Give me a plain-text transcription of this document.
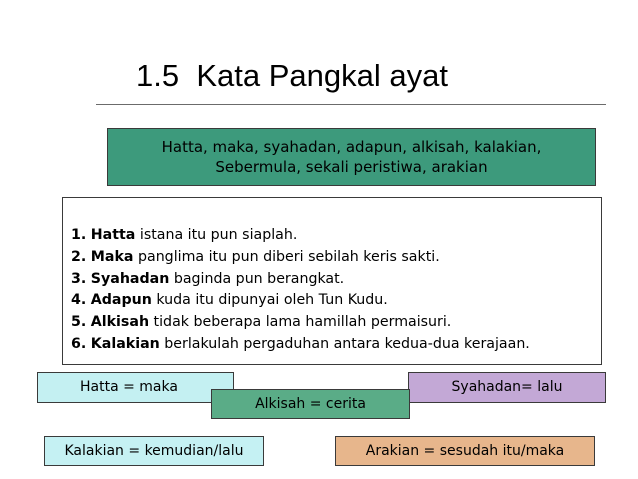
1.5  Kata Pangkal ayat
Hatta, maka, syahadan, adapun, alkisah, kalakian,
Sebermula, sekali peristiwa, arakian
1. Hatta istana itu pun siaplah.
2. Maka panglima itu pun diberi sebilah keris sakti.
3. Syahadan baginda pun berangkat.
4. Adapun kuda itu dipunyai oleh Tun Kudu.
5. Alkisah tidak beberapa lama hamillah permaisuri.
6. Kalakian berlakulah pergaduhan antara kedua-dua kerajaan.
Hatta = maka	Syahadan= lalu
Alkisah = cerita
Kalakian = kemudian/lalu	Arakian = sesudah itu/maka
